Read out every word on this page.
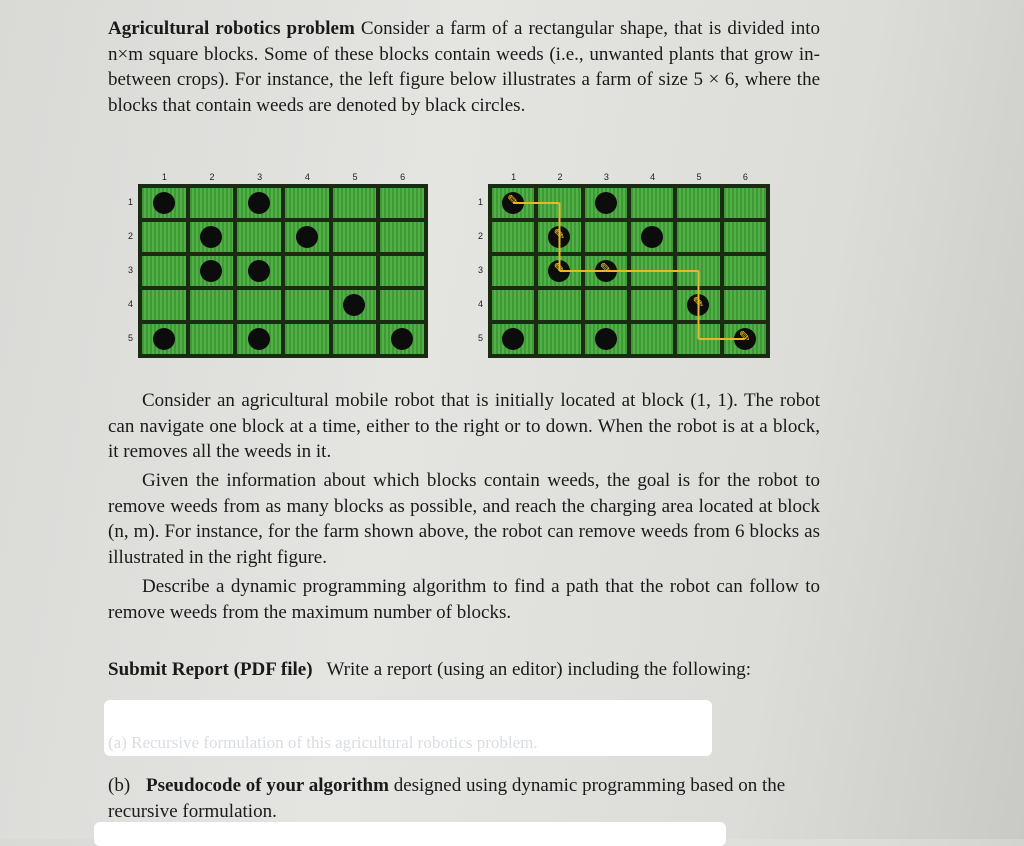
Agricultural robotics problem Consider a farm of a rectangular shape, that is divided into n×m square blocks. Some of these blocks contain weeds (i.e., unwanted plants that grow in-between crops). For instance, the left figure below illustrates a farm of size 5 × 6, where the blocks that contain weeds are denoted by black circles.

1	2	3	4	5	6
1
2
3
4
5
1	2	3	4	5	6
1
2
3
4
5
✎
✎
✎
✎
✎
✎

Consider an agricultural mobile robot that is initially located at block (1, 1). The robot can navigate one block at a time, either to the right or to down. When the robot is at a block, it removes all the weeds in it.

Given the information about which blocks contain weeds, the goal is for the robot to remove weeds from as many blocks as possible, and reach the charging area located at block (n, m). For instance, for the farm shown above, the robot can remove weeds from 6 blocks as illustrated in the right figure.

Describe a dynamic programming algorithm to find a path that the robot can follow to remove weeds from the maximum number of blocks.

Submit Report (PDF file) Write a report (using an editor) including the following:

(a) Recursive formulation of this agricultural robotics problem.

(b) Pseudocode of your algorithm designed using dynamic programming based on the recursive formulation.
